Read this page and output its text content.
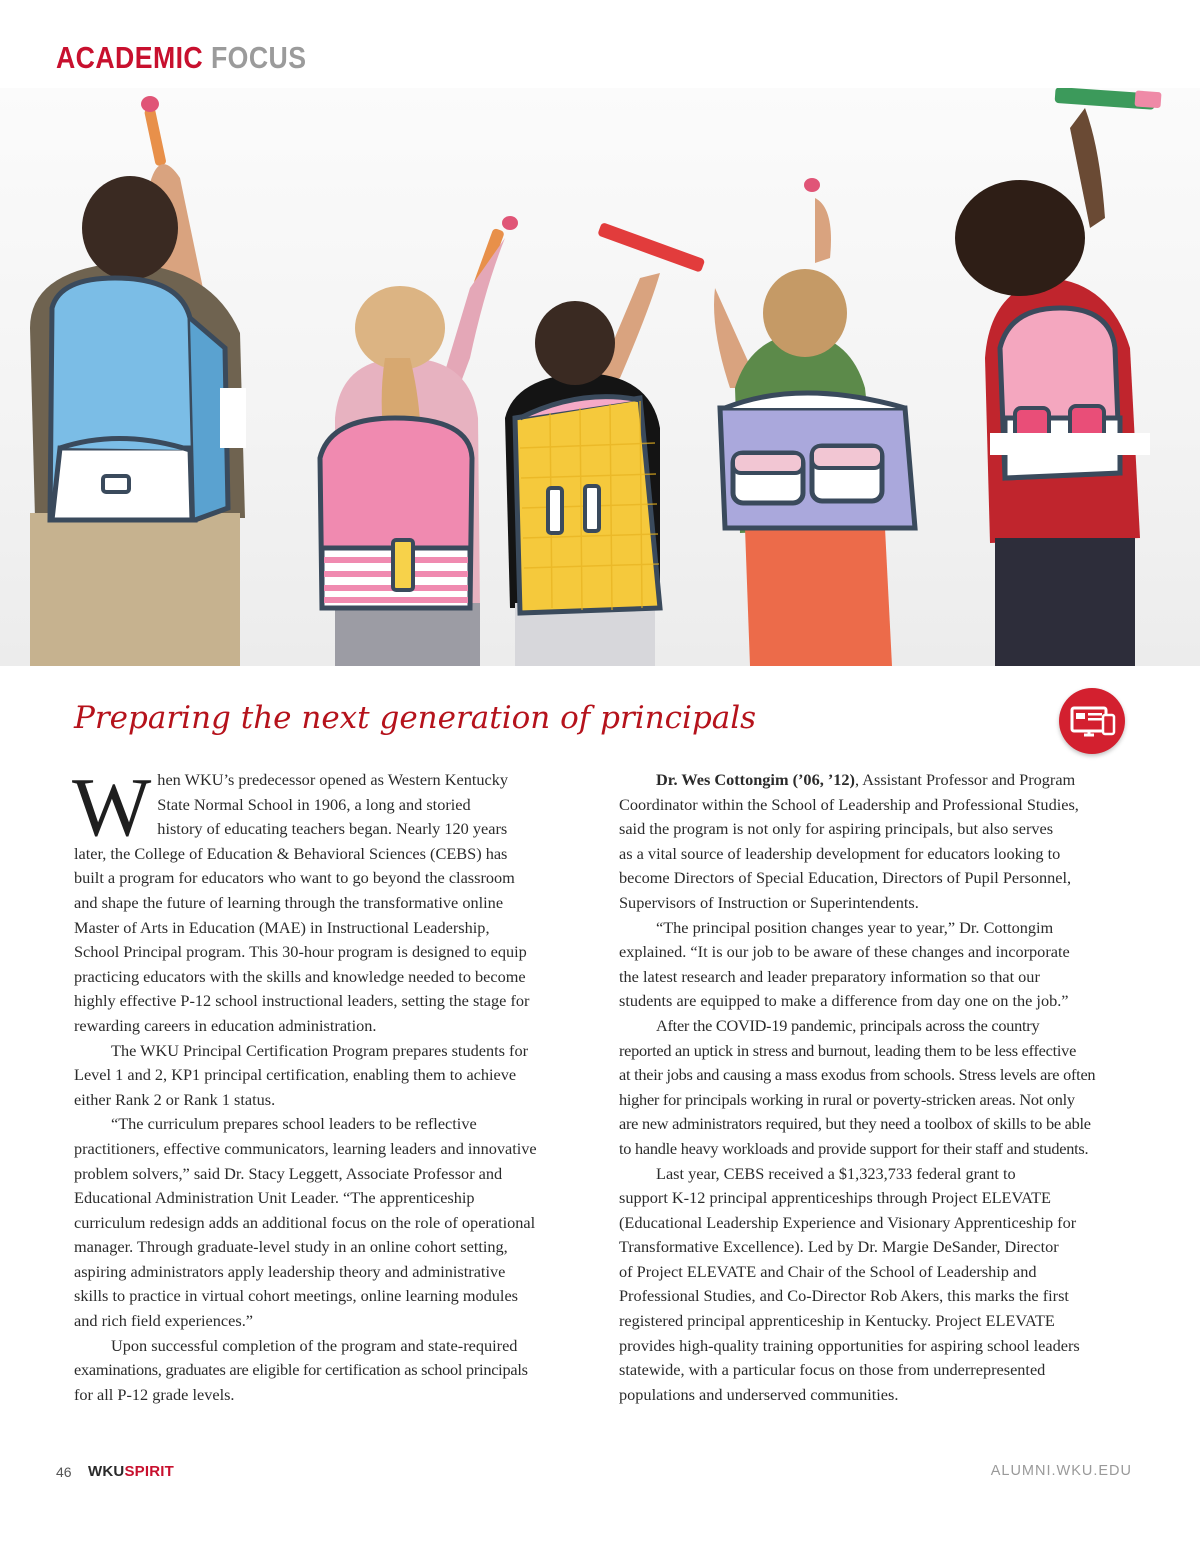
ACADEMIC FOCUS
Preparing the next generation of principals
W hen WKU’s predecessor opened as Western Kentucky
State Normal School in 1906, a long and storied
history of educating teachers began. Nearly 120 years
later, the College of Education & Behavioral Sciences (CEBS) has
built a program for educators who want to go beyond the classroom
and shape the future of learning through the transformative online
Master of Arts in Education (MAE) in Instructional Leadership,
School Principal program. This 30-hour program is designed to equip
practicing educators with the skills and knowledge needed to become
highly effective P-12 school instructional leaders, setting the stage for
rewarding careers in education administration.
The WKU Principal Certification Program prepares students for
Level 1 and 2, KP1 principal certification, enabling them to achieve
either Rank 2 or Rank 1 status.
“The curriculum prepares school leaders to be reflective
practitioners, effective communicators, learning leaders and innovative
problem solvers,” said Dr. Stacy Leggett, Associate Professor and
Educational Administration Unit Leader. “The apprenticeship
curriculum redesign adds an additional focus on the role of operational
manager. Through graduate-level study in an online cohort setting,
aspiring administrators apply leadership theory and administrative
skills to practice in virtual cohort meetings, online learning modules
and rich field experiences.”
Upon successful completion of the program and state-required
examinations, graduates are eligible for certification as school principals
for all P-12 grade levels.
Dr. Wes Cottongim (’06, ’12), Assistant Professor and Program
Coordinator within the School of Leadership and Professional Studies,
said the program is not only for aspiring principals, but also serves
as a vital source of leadership development for educators looking to
become Directors of Special Education, Directors of Pupil Personnel,
Supervisors of Instruction or Superintendents.
“The principal position changes year to year,” Dr. Cottongim
explained. “It is our job to be aware of these changes and incorporate
the latest research and leader preparatory information so that our
students are equipped to make a difference from day one on the job.”
After the COVID-19 pandemic, principals across the country
reported an uptick in stress and burnout, leading them to be less effective
at their jobs and causing a mass exodus from schools. Stress levels are often
higher for principals working in rural or poverty-stricken areas. Not only
are new administrators required, but they need a toolbox of skills to be able
to handle heavy workloads and provide support for their staff and students.
Last year, CEBS received a $1,323,733 federal grant to
support K-12 principal apprenticeships through Project ELEVATE
(Educational Leadership Experience and Visionary Apprenticeship for
Transformative Excellence). Led by Dr. Margie DeSander, Director
of Project ELEVATE and Chair of the School of Leadership and
Professional Studies, and Co-Director Rob Akers, this marks the first
registered principal apprenticeship in Kentucky. Project ELEVATE
provides high-quality training opportunities for aspiring school leaders
statewide, with a particular focus on those from underrepresented
populations and underserved communities.
46 WKUSPIRIT	ALUMNI.WKU.EDU
